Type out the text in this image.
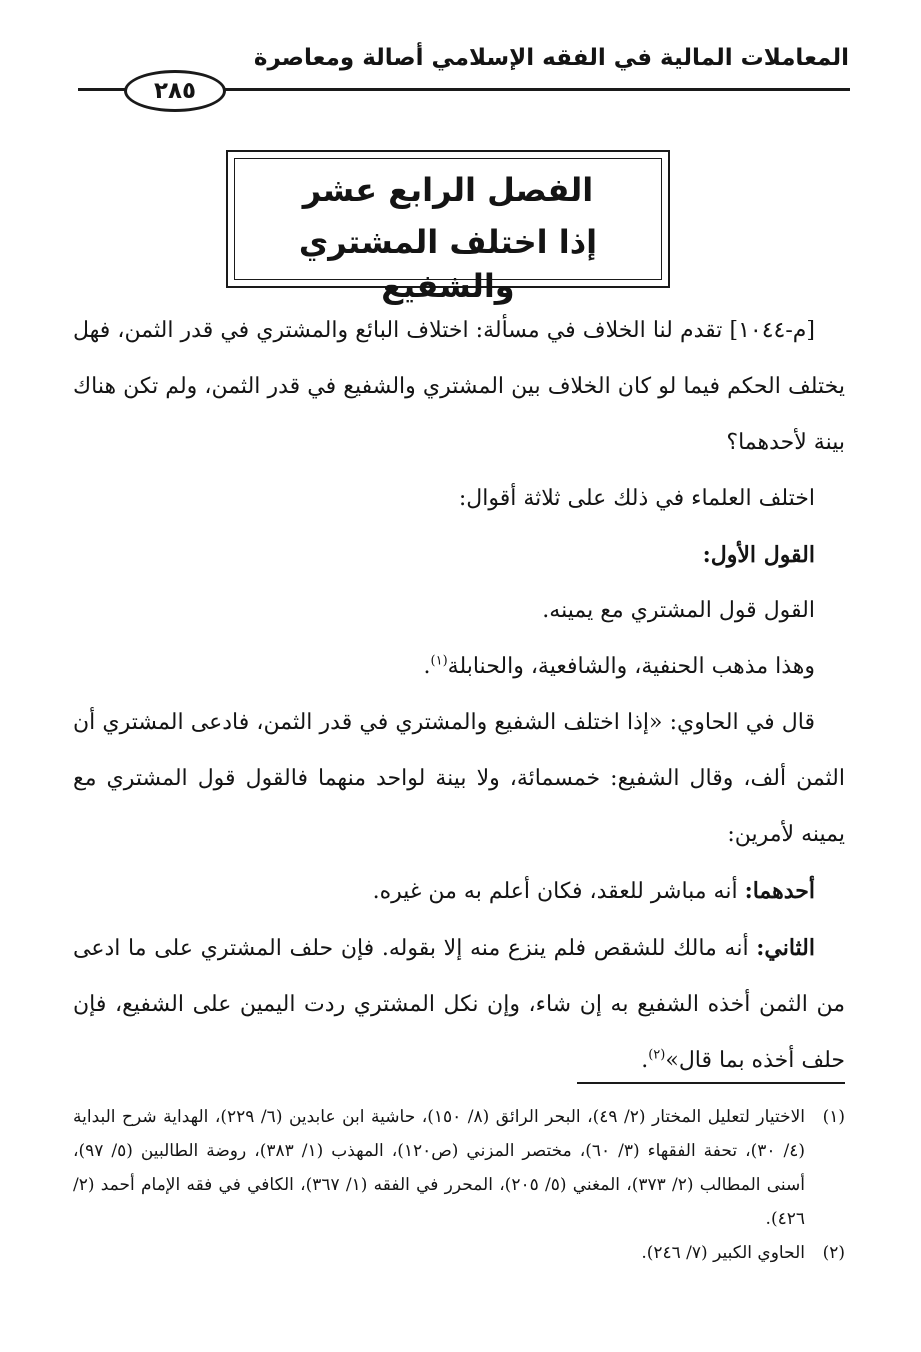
المعاملات المالية في الفقه الإسلامي أصالة ومعاصرة
٢٨٥
الفصل الرابع عشر
إذا اختلف المشتري والشفيع

[م-١٠٤٤] تقدم لنا الخلاف في مسألة: اختلاف البائع والمشتري في قدر الثمن، فهل يختلف الحكم فيما لو كان الخلاف بين المشتري والشفيع في قدر الثمن، ولم تكن هناك بينة لأحدهما؟

اختلف العلماء في ذلك على ثلاثة أقوال:

القول الأول:

القول قول المشتري مع يمينه.

وهذا مذهب الحنفية، والشافعية، والحنابلة$^{(١)}$.

قال في الحاوي: «إذا اختلف الشفيع والمشتري في قدر الثمن، فادعى المشتري أن الثمن ألف، وقال الشفيع: خمسمائة، ولا بينة لواحد منهما فالقول قول المشتري مع يمينه لأمرين:

أحدهما: أنه مباشر للعقد، فكان أعلم به من غيره.

الثاني: أنه مالك للشقص فلم ينزع منه إلا بقوله. فإن حلف المشتري على ما ادعى من الثمن أخذه الشفيع به إن شاء، وإن نكل المشتري ردت اليمين على الشفيع، فإن حلف أخذه بما قال»$^{(٢)}$.

(١)الاختيار لتعليل المختار (٢/ ٤٩)، البحر الرائق (٨/ ١٥٠)، حاشية ابن عابدين (٦/ ٢٢٩)، الهداية شرح البداية (٤/ ٣٠)، تحفة الفقهاء (٣/ ٦٠)، مختصر المزني (ص١٢٠)، المهذب (١/ ٣٨٣)، روضة الطالبين (٥/ ٩٧)، أسنى المطالب (٢/ ٣٧٣)، المغني (٥/ ٢٠٥)، المحرر في الفقه (١/ ٣٦٧)، الكافي في فقه الإمام أحمد (٢/ ٤٢٦).

(٢)الحاوي الكبير (٧/ ٢٤٦).
